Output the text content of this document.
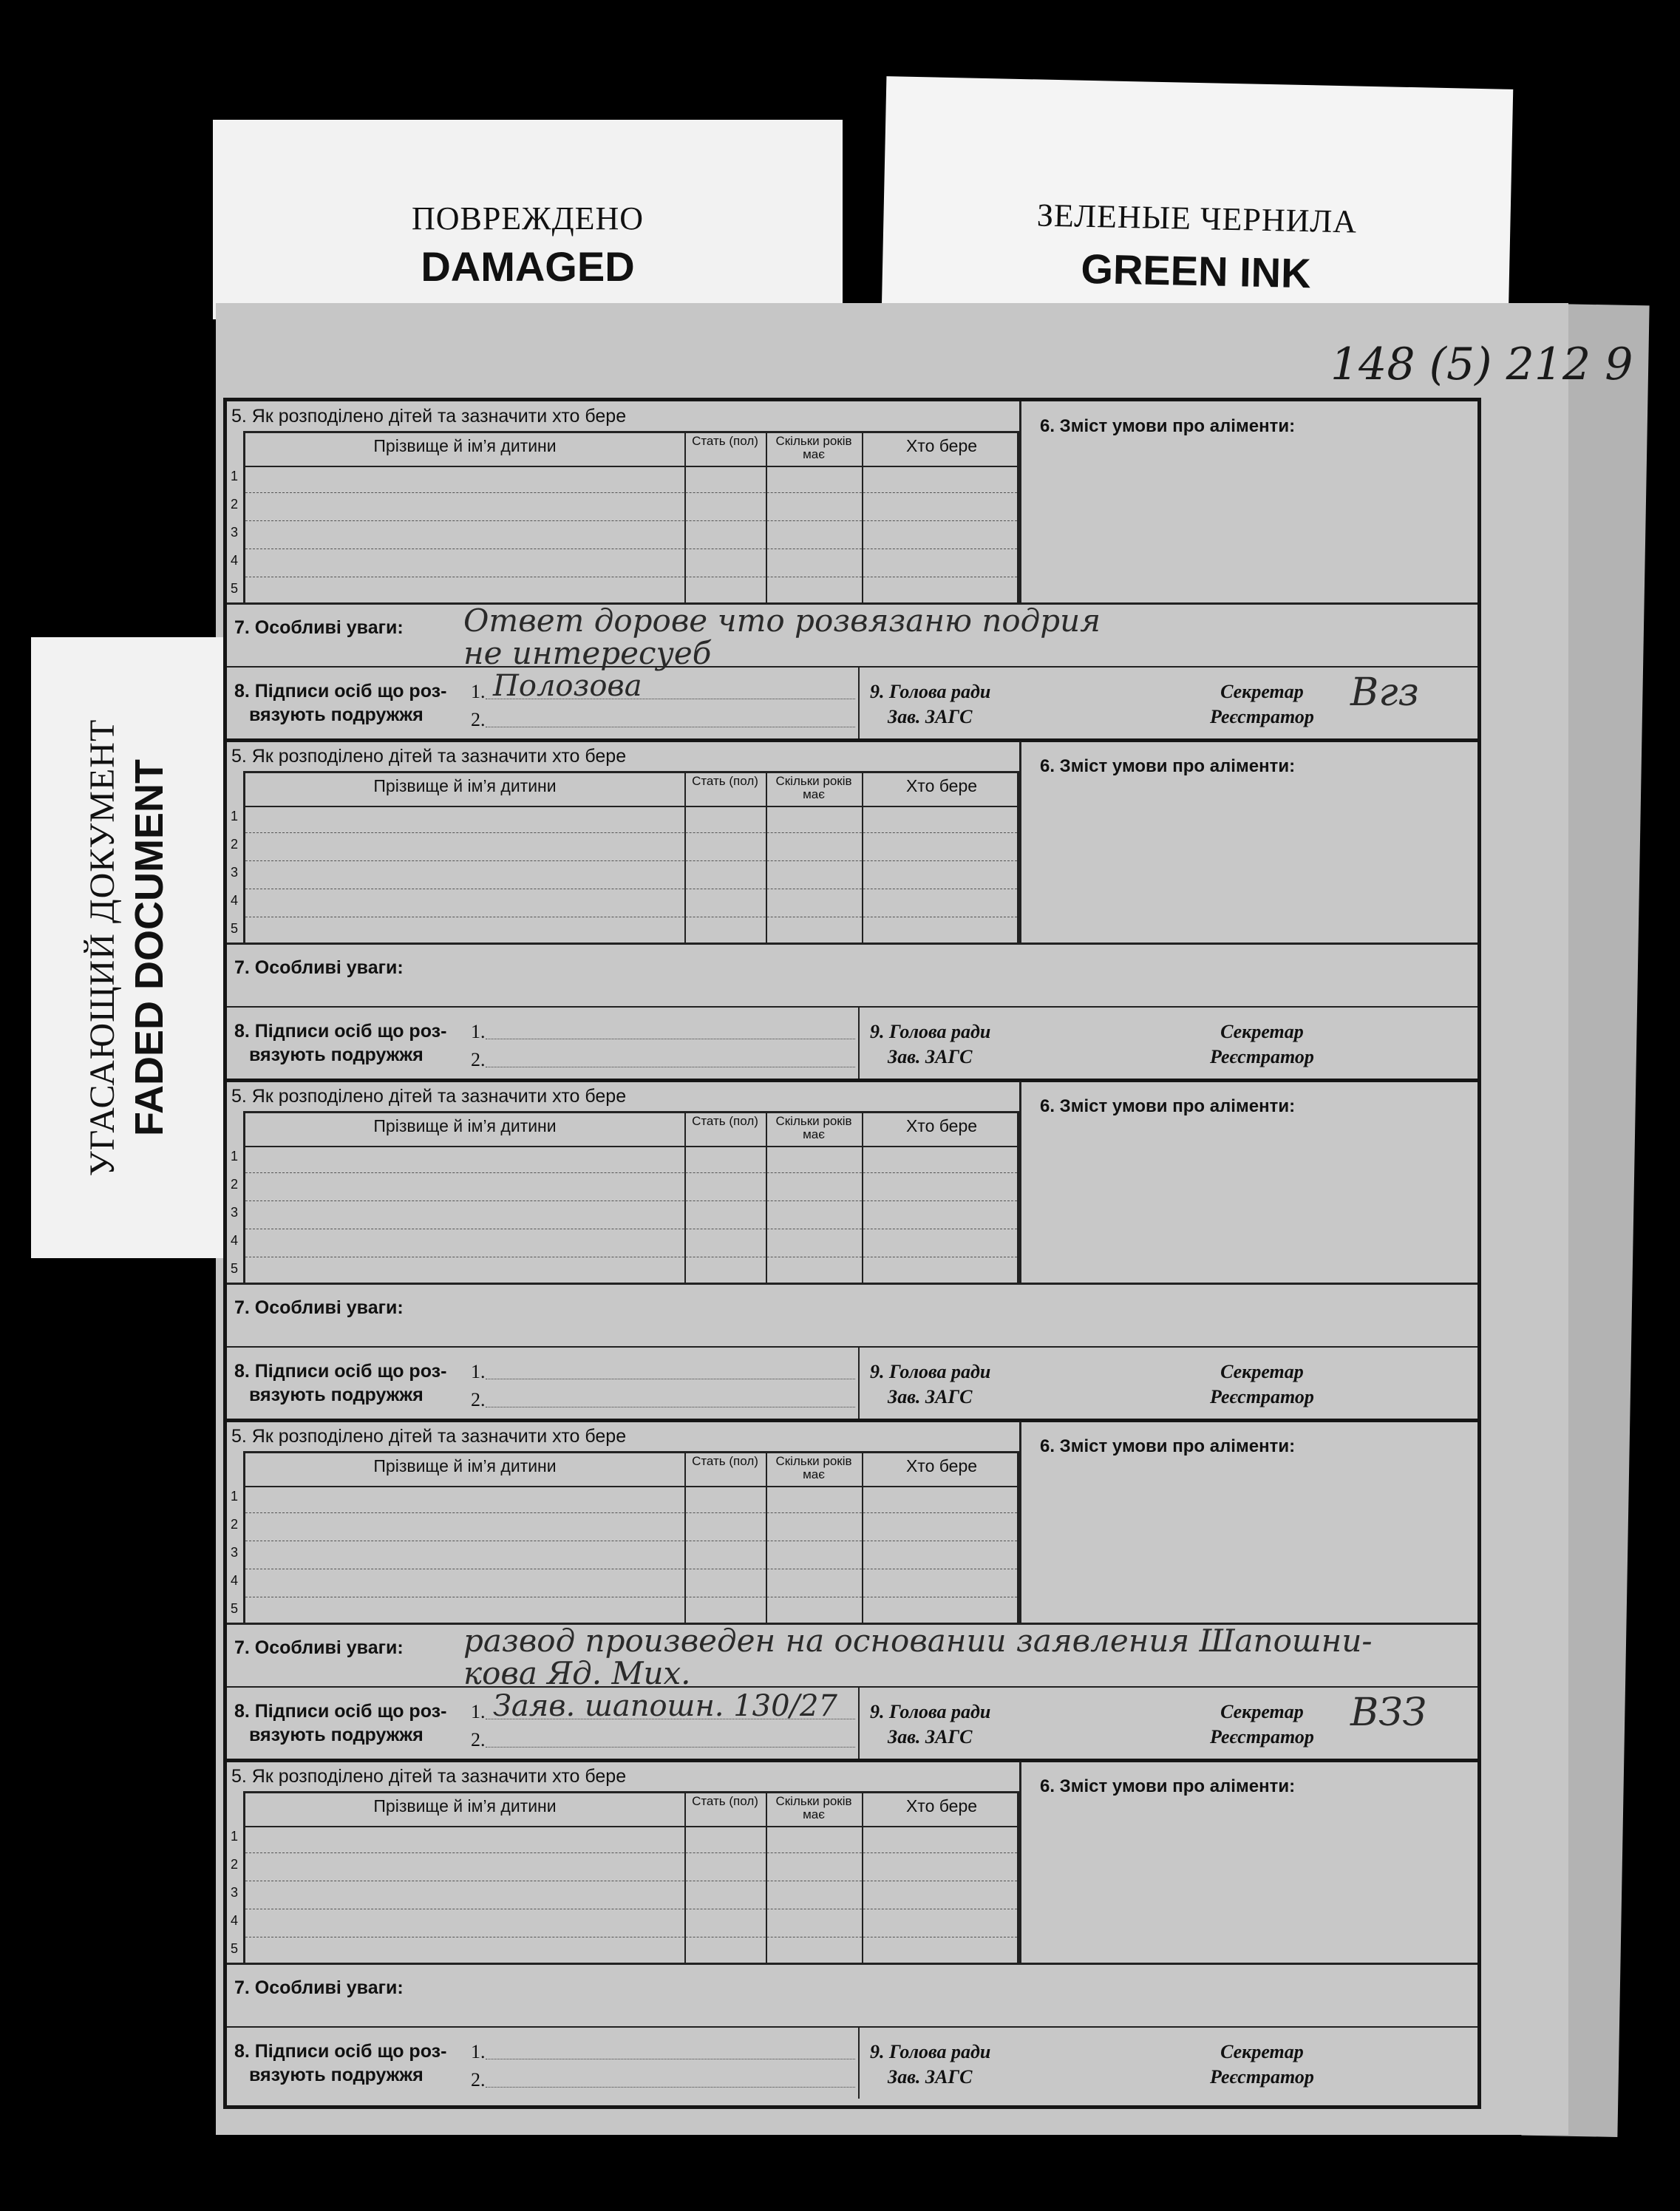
ПОВРЕЖДЕНО
DAMAGED
ЗЕЛЕНЫЕ ЧЕРНИЛА
GREEN INK
148 (5) 212 9
5. Як розподілено дітей та зазначити хто бере
Прізвище й ім’я дитини	Стать (пол)	Скільки років має	Хто бере
1
2
3
4
5
6. Зміст умови про аліменти:
7. Особливі уваги: Ответ дорове что розвязаню подрия
не интересуеб
8. Підписи осіб що роз-
вязують подружжя
1.
2.
Полозова	9. Голова ради
Зав. ЗАГС
Секретар
Реєстратор
Вгз
5. Як розподілено дітей та зазначити хто бере
Прізвище й ім’я дитини	Стать (пол)	Скільки років має	Хто бере
1
2
3
4
5
6. Зміст умови про аліменти:
7. Особливі уваги:
8. Підписи осіб що роз-
вязують подружжя
1.
2.
9. Голова ради
Зав. ЗАГС
Секретар
Реєстратор
5. Як розподілено дітей та зазначити хто бере
Прізвище й ім’я дитини	Стать (пол)	Скільки років має	Хто бере
1
2
3
4
5
6. Зміст умови про аліменти:
7. Особливі уваги:
8. Підписи осіб що роз-
вязують подружжя
1.
2.
9. Голова ради
Зав. ЗАГС
Секретар
Реєстратор
5. Як розподілено дітей та зазначити хто бере
Прізвище й ім’я дитини	Стать (пол)	Скільки років має	Хто бере
1
2
3
4
5
6. Зміст умови про аліменти:
7. Особливі уваги: развод произведен на основании заявления Шапошни-
кова Яд. Мих.
8. Підписи осіб що роз-
вязують подружжя
1.
2.
Заяв. шапошн. 130/27 9. Голова ради
Зав. ЗАГС
Секретар
Реєстратор
ВЗЗ
5. Як розподілено дітей та зазначити хто бере
Прізвище й ім’я дитини	Стать (пол)	Скільки років має	Хто бере
1
2
3
4
5
6. Зміст умови про аліменти:
7. Особливі уваги:
8. Підписи осіб що роз-
вязують подружжя
1.
2.
9. Голова ради
Зав. ЗАГС
Секретар
Реєстратор
УГАСАЮЩИЙ ДОКУМЕНТ FADED DOCUMENT
